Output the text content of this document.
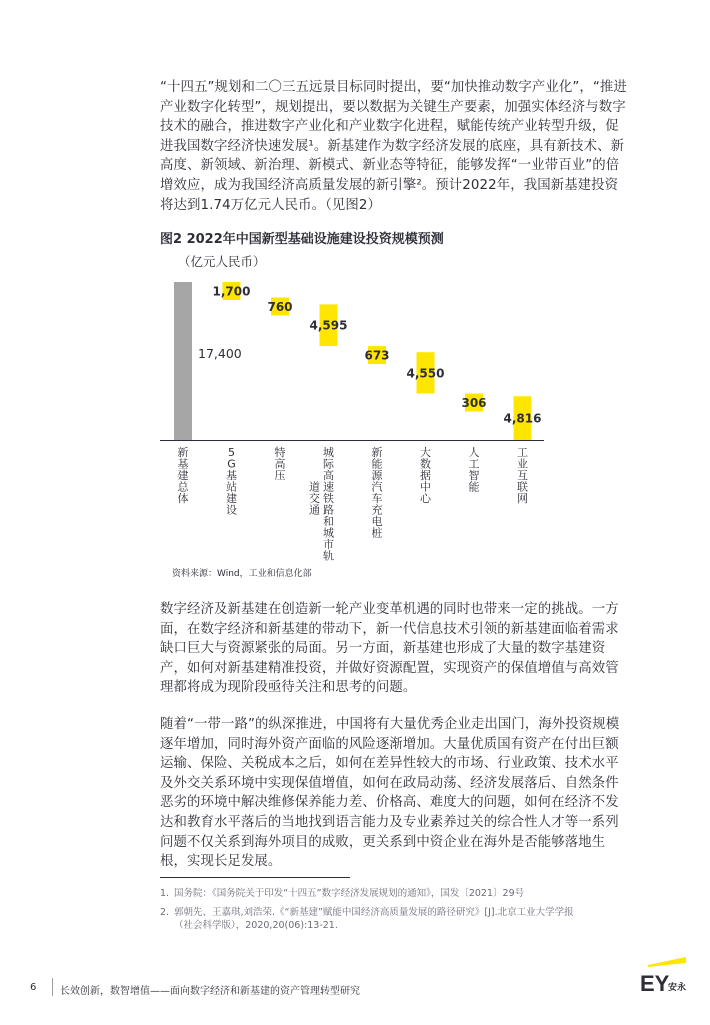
“十四五”规划和二〇三五远景目标同时提出，要“加快推动数字产业化”，“推进产业数字化转型”，规划提出，要以数据为关键生产要素，加强实体经济与数字技术的融合，推进数字产业化和产业数字化进程，赋能传统产业转型升级，促进我国数字经济快速发展¹。新基建作为数字经济发展的底座，具有新技术、新高度、新领域、新治理、新模式、新业态等特征，能够发挥“一业带百业”的倍增效应，成为我国经济高质量发展的新引擎²。预计2022年，我国新基建投资将达到1.74万亿元人民币。（见图2）

图2 2022年中国新型基础设施建设投资规模预测
（亿元人民币）
17,400
1,700
760
4,595
673
4,550
306
4,816
新基建总体
5 G 基站建设
特高压
城际高速铁路和城市轨
道交通
新能源汽车充电桩
大数据中心
人工智能
工业互联网
资料来源：Wind，工业和信息化部

数字经济及新基建在创造新一轮产业变革机遇的同时也带来一定的挑战。一方面，在数字经济和新基建的带动下，新一代信息技术引领的新基建面临着需求缺口巨大与资源紧张的局面。另一方面，新基建也形成了大量的数字基建资产，如何对新基建精准投资，并做好资源配置，实现资产的保值增值与高效管理都将成为现阶段亟待关注和思考的问题。

随着“一带一路”的纵深推进，中国将有大量优秀企业走出国门，海外投资规模逐年增加，同时海外资产面临的风险逐渐增加。大量优质国有资产在付出巨额运输、保险、关税成本之后，如何在差异性较大的市场、行业政策、技术水平及外交关系环境中实现保值增值，如何在政局动荡、经济发展落后、自然条件恶劣的环境中解决维修保养能力差、价格高、难度大的问题，如何在经济不发达和教育水平落后的当地找到语言能力及专业素养过关的综合性人才等一系列问题不仅关系到海外项目的成败，更关系到中资企业在海外是否能够落地生根，实现长足发展。

1. 国务院：《国务院关于印发“十四五”数字经济发展规划的通知》，国发〔2021〕29号
2. 郭朝先、王嘉琪,刘浩荣.《“新基建”赋能中国经济高质量发展的路径研究》[J].北京工业大学学报
（社会科学版），2020,20(06):13-21.
6 长效创新，数智增值——面向数字经济和新基建的资产管理转型研究	EY
安永
